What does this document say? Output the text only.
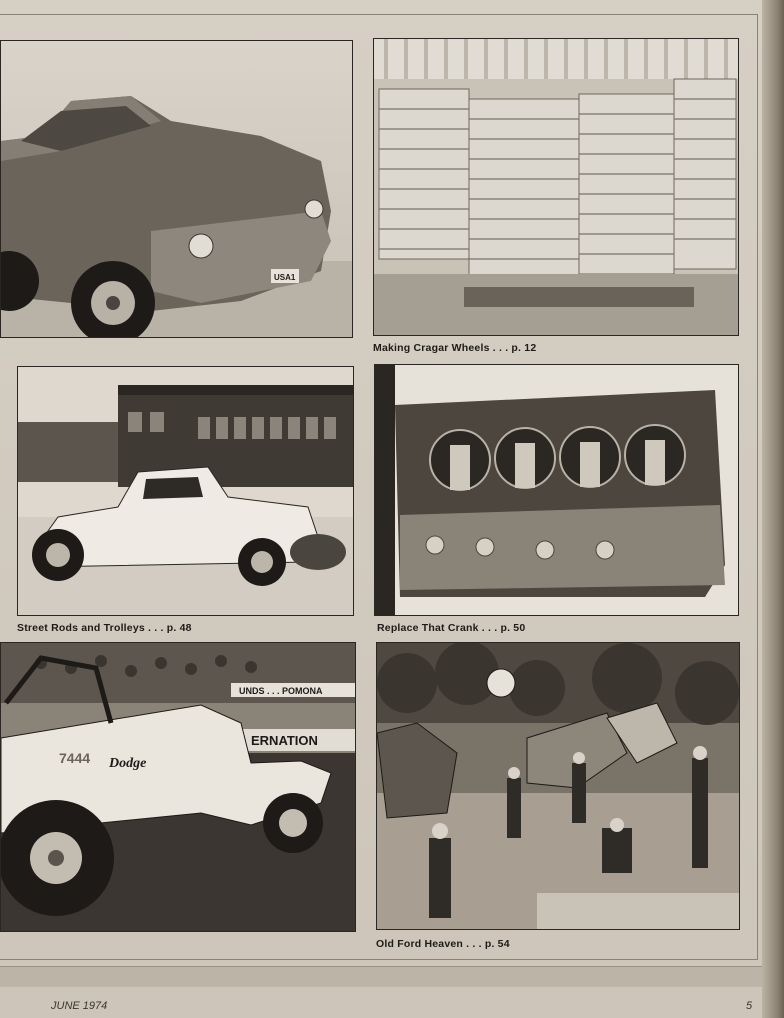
USA1
Making Cragar Wheels . . . p. 12
Street Rods and Trolleys . . . p. 48	Replace That Crank . . . p. 50
UNDS . . . POMONA
ERNATION
Dodge
7444
Old Ford Heaven . . . p. 54
JUNE 1974	5
